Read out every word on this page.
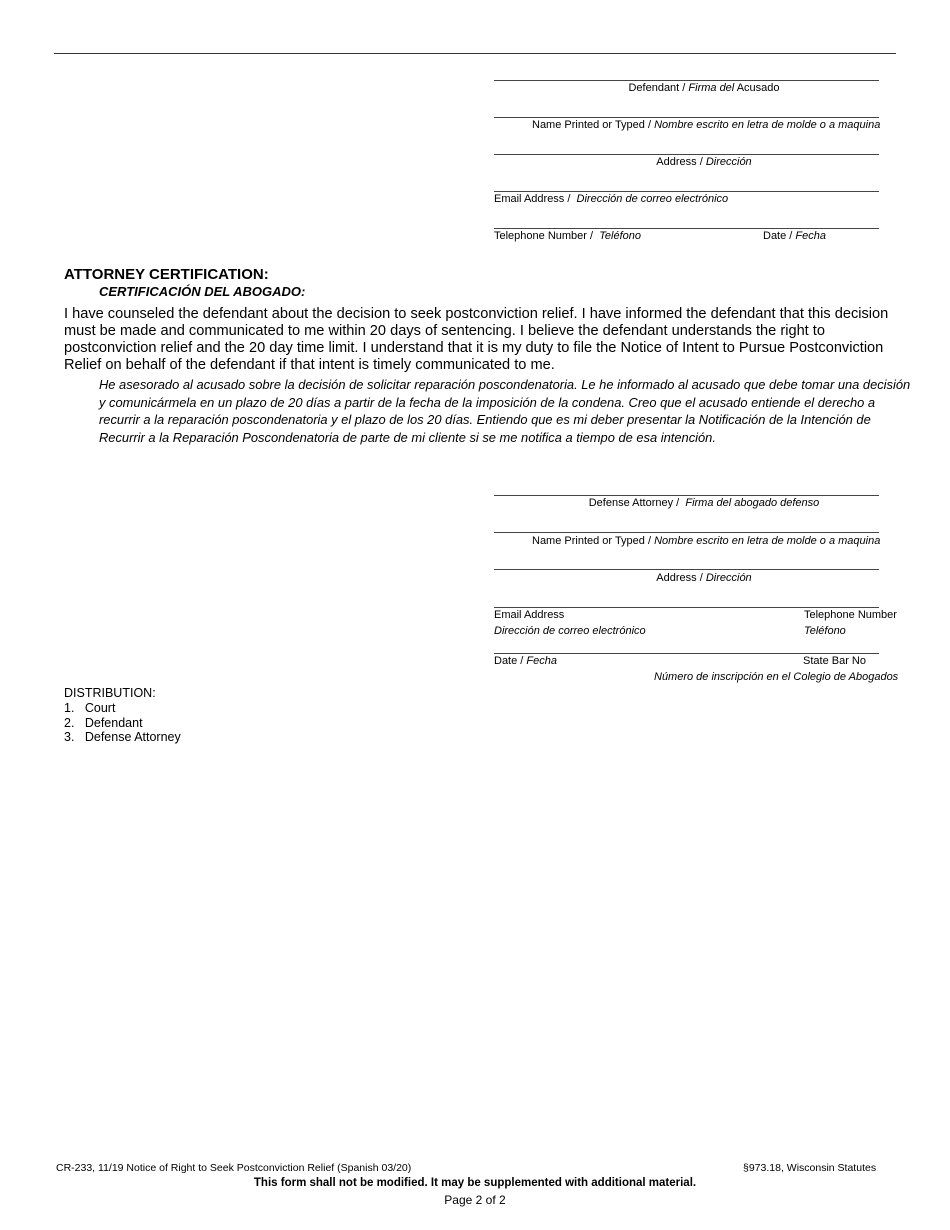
Defendant / Firma del Acusado
Name Printed or Typed / Nombre escrito en letra de molde o a maquina
Address / Dirección
Email Address / Dirección de correo electrónico
Telephone Number / Teléfono	Date / Fecha
ATTORNEY CERTIFICATION:
CERTIFICACIÓN DEL ABOGADO:
I have counseled the defendant about the decision to seek postconviction relief. I have informed the defendant that this decision must be made and communicated to me within 20 days of sentencing. I believe the defendant understands the right to postconviction relief and the 20 day time limit. I understand that it is my duty to file the Notice of Intent to Pursue Postconviction Relief on behalf of the defendant if that intent is timely communicated to me.
He asesorado al acusado sobre la decisión de solicitar reparación poscondenatoria. Le he informado al acusado que debe tomar una decisión y comunicármela en un plazo de 20 días a partir de la fecha de la imposición de la condena. Creo que el acusado entiende el derecho a recurrir a la reparación poscondenatoria y el plazo de los 20 días. Entiendo que es mi deber presentar la Notificación de la Intención de Recurrir a la Reparación Poscondenatoria de parte de mi cliente si se me notifica a tiempo de esa intención.
Defense Attorney / Firma del abogado defenso
Name Printed or Typed / Nombre escrito en letra de molde o a maquina
Address / Dirección
Email Address
Dirección de correo electrónico
Telephone Number
Teléfono
Date / Fecha	State Bar No
Número de inscripción en el Colegio de Abogados
DISTRIBUTION:
1. Court
2. Defendant
3. Defense Attorney
CR-233, 11/19 Notice of Right to Seek Postconviction Relief (Spanish 03/20)	§973.18, Wisconsin Statutes
This form shall not be modified. It may be supplemented with additional material.
Page 2 of 2
